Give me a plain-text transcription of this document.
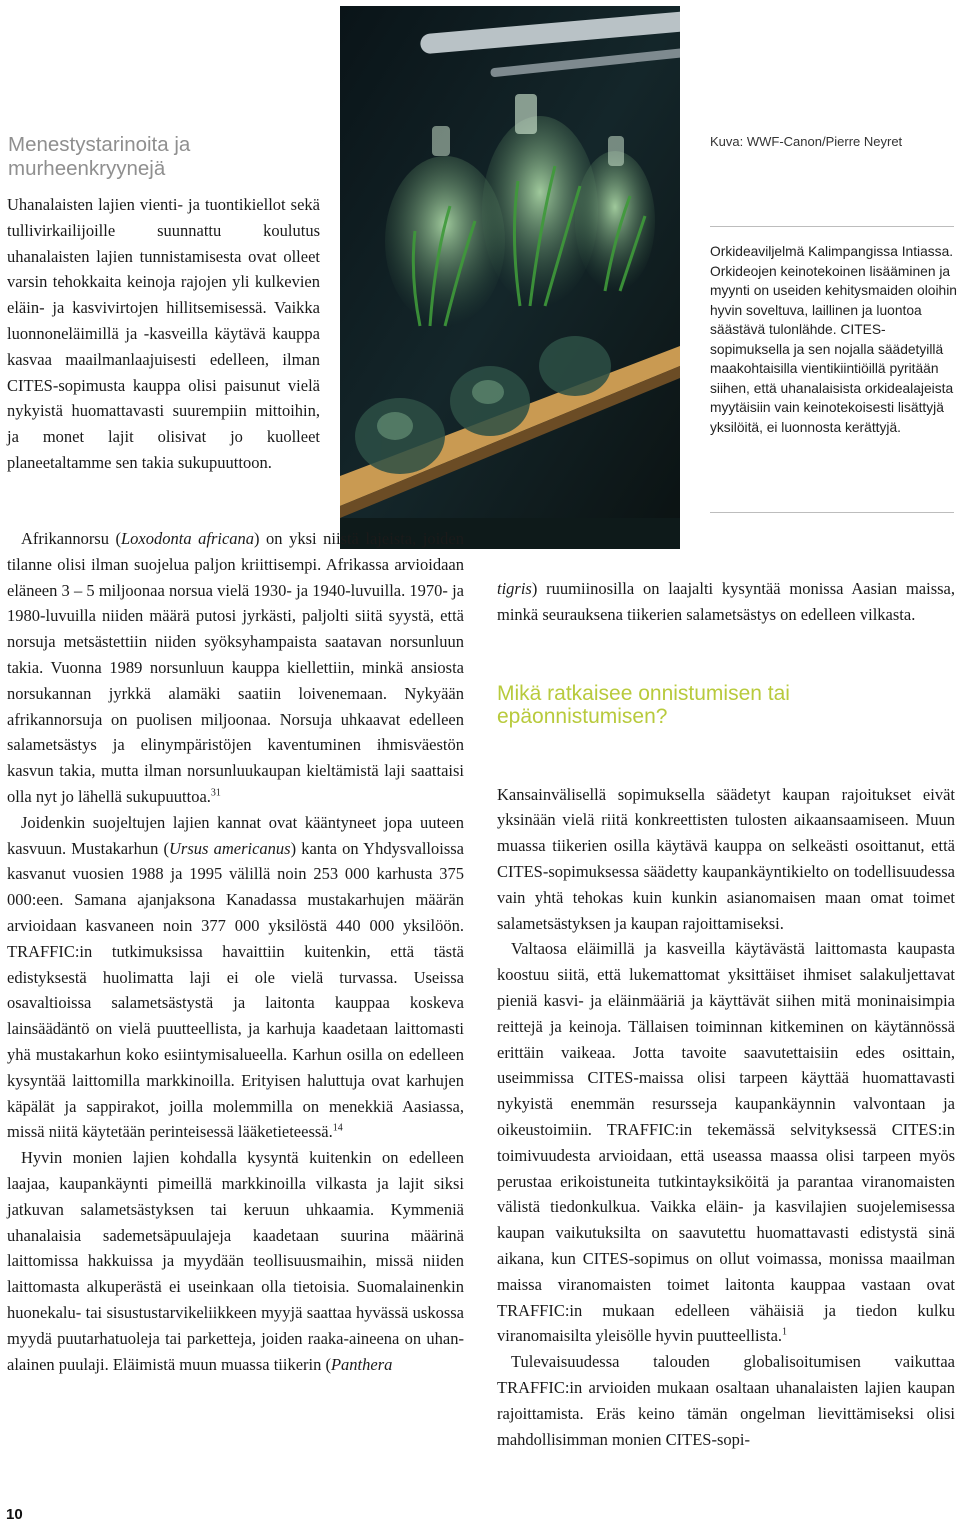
Menestystarinoita ja murheenkryynejä
Kuva: WWF-Canon/Pierre Neyret

Orkideaviljelmä Kalimpangissa Intiassa. Orkideojen keinotekoinen lisääminen ja myynti on useiden kehitysmaiden oloihin hyvin soveltuva, laillinen ja luontoa säästävä tulonlähde. CITES-sopimuksella ja sen nojalla säädetyillä maakohtaisilla vientikiintiöillä pyritään siihen, että uhanalaisista orkidealajeista myytäisiin vain keinotekoisesti lisättyjä yksilöitä, ei luonnosta kerättyjä.

Uhanalaisten lajien vienti- ja tuontikiellot sekä tullivirkailijoille suunnattu koulutus uhanalaisten lajien tunnistamisesta ovat olleet varsin tehokkaita keinoja rajojen yli kulkevien eläin- ja kasvivirtojen hillitsemisessä. Vaikka luonnoneläimillä ja -kasveilla käytävä kauppa kasvaa maailmanlaajuisesti edelleen, ilman CITES-sopimusta kauppa olisi paisunut vielä nykyistä huomattavasti suurempiin mittoihin, ja monet lajit olisivat jo kuolleet planeetaltamme sen takia sukupuuttoon.

Afrikannorsu (Loxodonta africana) on yksi niistä lajeista, joiden tilanne olisi ilman suojelua paljon kriittisempi. Afrikassa arvioidaan eläneen 3 – 5 miljoonaa norsua vielä 1930- ja 1940-luvuilla. 1970- ja 1980-luvuilla niiden määrä putosi jyrkästi, paljolti siitä syystä, että norsuja metsästettiin niiden syöksyhampaista saatavan norsunluun takia. Vuonna 1989 norsunluun kauppa kiellettiin, minkä ansiosta norsukannan jyrkkä alamäki saatiin loivenemaan. Nykyään afrikannorsuja on puolisen miljoonaa. Norsuja uhkaavat edelleen salametsästys ja elinympäristöjen kaventuminen ihmisväestön kasvun takia, mutta ilman norsunluukaupan kieltämistä laji saattaisi olla nyt jo lähellä sukupuuttoa.$^{31}$

Joidenkin suojeltujen lajien kannat ovat kääntyneet jopa uuteen kasvuun. Mustakarhun (Ursus americanus) kanta on Yhdysvalloissa kasvanut vuosien 1988 ja 1995 välillä noin 253 000 karhusta 375 000:een. Samana ajanjaksona Kanadassa mustakarhujen määrän arvioidaan kasvaneen noin 377 000 yksilöstä 440 000 yksilöön. TRAFFIC:in tutkimuksissa havaittiin kuitenkin, että tästä edistyksestä huolimatta laji ei ole vielä turvassa. Useissa osavaltioissa salametsästystä ja laitonta kauppaa koskeva lainsäädäntö on vielä puutteellista, ja karhuja kaadetaan laittomasti yhä mustakarhun koko esiintymisalueella. Karhun osilla on edelleen kysyntää laittomilla markkinoilla. Erityisen haluttuja ovat karhujen käpälät ja sappirakot, joilla molemmilla on menekkiä Aasiassa, missä niitä käytetään perinteisessä lääketieteessä.$^{14}$

Hyvin monien lajien kohdalla kysyntä kuitenkin on edelleen laajaa, kaupankäynti pimeillä markkinoilla vilkasta ja lajit siksi jatkuvan salametsästyksen tai keruun uhkaamia. Kymmeniä uhanalaisia sademetsäpuulajeja kaadetaan suurina määrinä laittomissa hakkuissa ja myydään teollisuusmaihin, missä niiden laittomasta alkuperästä ei useinkaan olla tietoisia. Suomalainenkin huonekalu- tai sisustustarvikeliikkeen myyjä saattaa hyvässä uskossa myydä puutarhatuoleja tai parketteja, joiden raaka-aineena on uhanalainen puulaji. Eläimistä muun muassa tiikerin (Panthera

tigris) ruumiinosilla on laajalti kysyntää monissa Aasian maissa, minkä seurauksena tiikerien salametsästys on edelleen vilkasta.

Kansainvälisellä sopimuksella säädetyt kaupan rajoitukset eivät yksinään vielä riitä konkreettisten tulosten aikaansaamiseen. Muun muassa tiikerien osilla käytävä kauppa on selkeästi osoittanut, että CITES-sopimuksessa säädetty kaupankäyntikielto on todellisuudessa vain yhtä tehokas kuin kunkin asianomaisen maan omat toimet salametsästyksen ja kaupan rajoittamiseksi.

Valtaosa eläimillä ja kasveilla käytävästä laittomasta kaupasta koostuu siitä, että lukemattomat yksittäiset ihmiset salakuljettavat pieniä kasvi- ja eläinmääriä ja käyttävät siihen mitä moninaisimpia reittejä ja keinoja. Tällaisen toiminnan kitkeminen on käytännössä erittäin vaikeaa. Jotta tavoite saavutettaisiin edes osittain, useimmissa CITES-maissa olisi tarpeen käyttää huomattavasti nykyistä enemmän resursseja kaupankäynnin valvontaan ja oikeustoimiin. TRAFFIC:in tekemässä selvityksessä CITES:in toimivuudesta arvioidaan, että useassa maassa olisi tarpeen myös perustaa erikoistuneita tutkintayksiköitä ja parantaa viranomaisten välistä tiedonkulkua. Vaikka eläin- ja kasvilajien suojelemisessa kaupan vaikutuksilta on saavutettu huomattavasti edistystä sinä aikana, kun CITES-sopimus on ollut voimassa, monissa maailman maissa viranomaisten toimet laitonta kauppaa vastaan ovat TRAFFIC:in mukaan edelleen vähäisiä ja tiedon kulku viranomaisilta yleisölle hyvin puutteellista.$^1$

Tulevaisuudessa talouden globalisoitumisen vaikuttaa TRAFFIC:in arvioiden mukaan osaltaan uhanalaisten lajien kaupan rajoittamista. Eräs keino tämän ongelman lievittämiseksi olisi mahdollisimman monien CITES-sopi-

Mikä ratkaisee onnistumisen tai epäonnistumisen?
10
